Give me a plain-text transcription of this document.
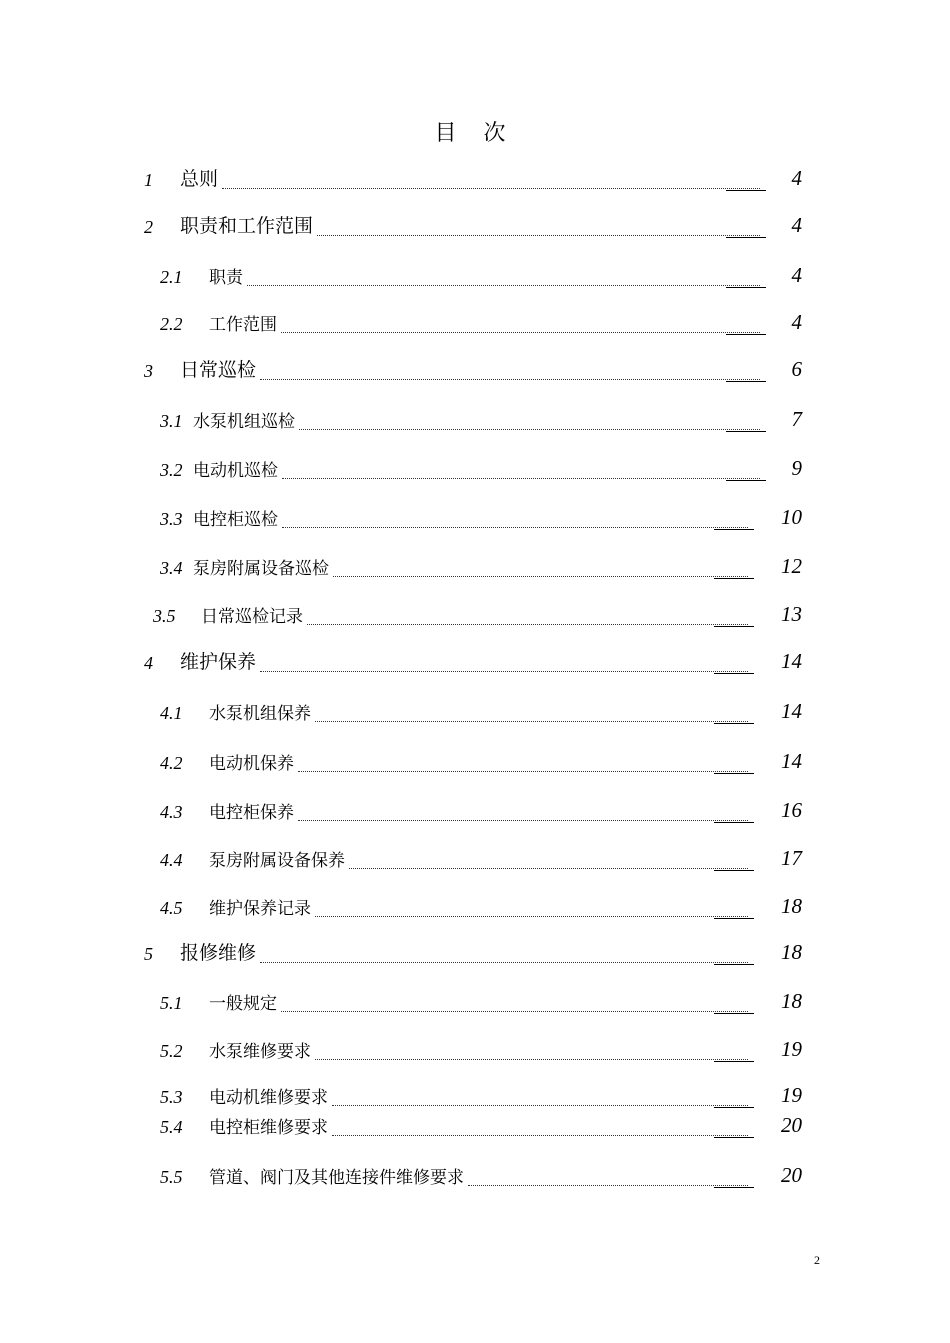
目 次
1 总则	4
2 职责和工作范围	4
2.1 职责	4
2.2 工作范围	4
3 日常巡检	6
3.1 水泵机组巡检	7
3.2 电动机巡检	9
3.3 电控柜巡检	10
3.4 泵房附属设备巡检	12
3.5 日常巡检记录	13
4 维护保养	14
4.1 水泵机组保养	14
4.2 电动机保养	14
4.3 电控柜保养	16
4.4 泵房附属设备保养	17
4.5 维护保养记录	18
5 报修维修	18
5.1 一般规定	18
5.2 水泵维修要求	19
5.3 电动机维修要求	19
5.4 电控柜维修要求	20
5.5 管道、阀门及其他连接件维修要求	20
2
